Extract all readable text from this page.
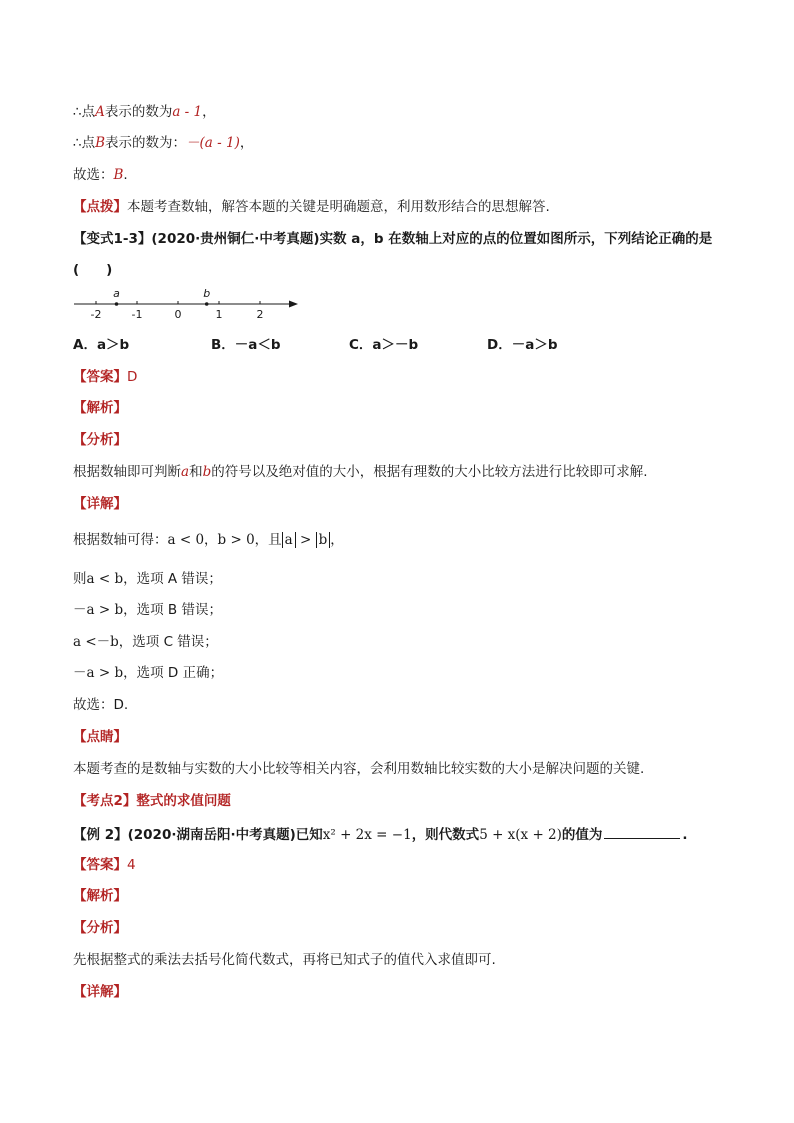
∴点A表示的数为a - 1，
∴点B表示的数为：－(a - 1)，
故选：B.
【点拨】本题考查数轴，解答本题的关键是明确题意，利用数形结合的思想解答.
【变式1-3】(2020·贵州铜仁·中考真题)实数 a，b 在数轴上对应的点的位置如图所示，下列结论正确的是
(　　)
-2	-1	0	1	2
a	b
A．a＞b	B．－a＜b	C．a＞－b	D．－a＞b
【答案】D
【解析】
【分析】
根据数轴即可判断a和b的符号以及绝对值的大小，根据有理数的大小比较方法进行比较即可求解.
【详解】
根据数轴可得：a < 0，b > 0，且 a > b ，
则a < b，选项 A 错误；
－a > b，选项 B 错误；
a <－b，选项 C 错误；
－a > b，选项 D 正确；
故选：D.
【点睛】
本题考查的是数轴与实数的大小比较等相关内容，会利用数轴比较实数的大小是解决问题的关键.
【考点2】整式的求值问题
【例 2】(2020·湖南岳阳·中考真题)已知x² + 2x = −1，则代数式5 + x(x + 2)的值为	.
【答案】4
【解析】
【分析】
先根据整式的乘法去括号化简代数式，再将已知式子的值代入求值即可.
【详解】
